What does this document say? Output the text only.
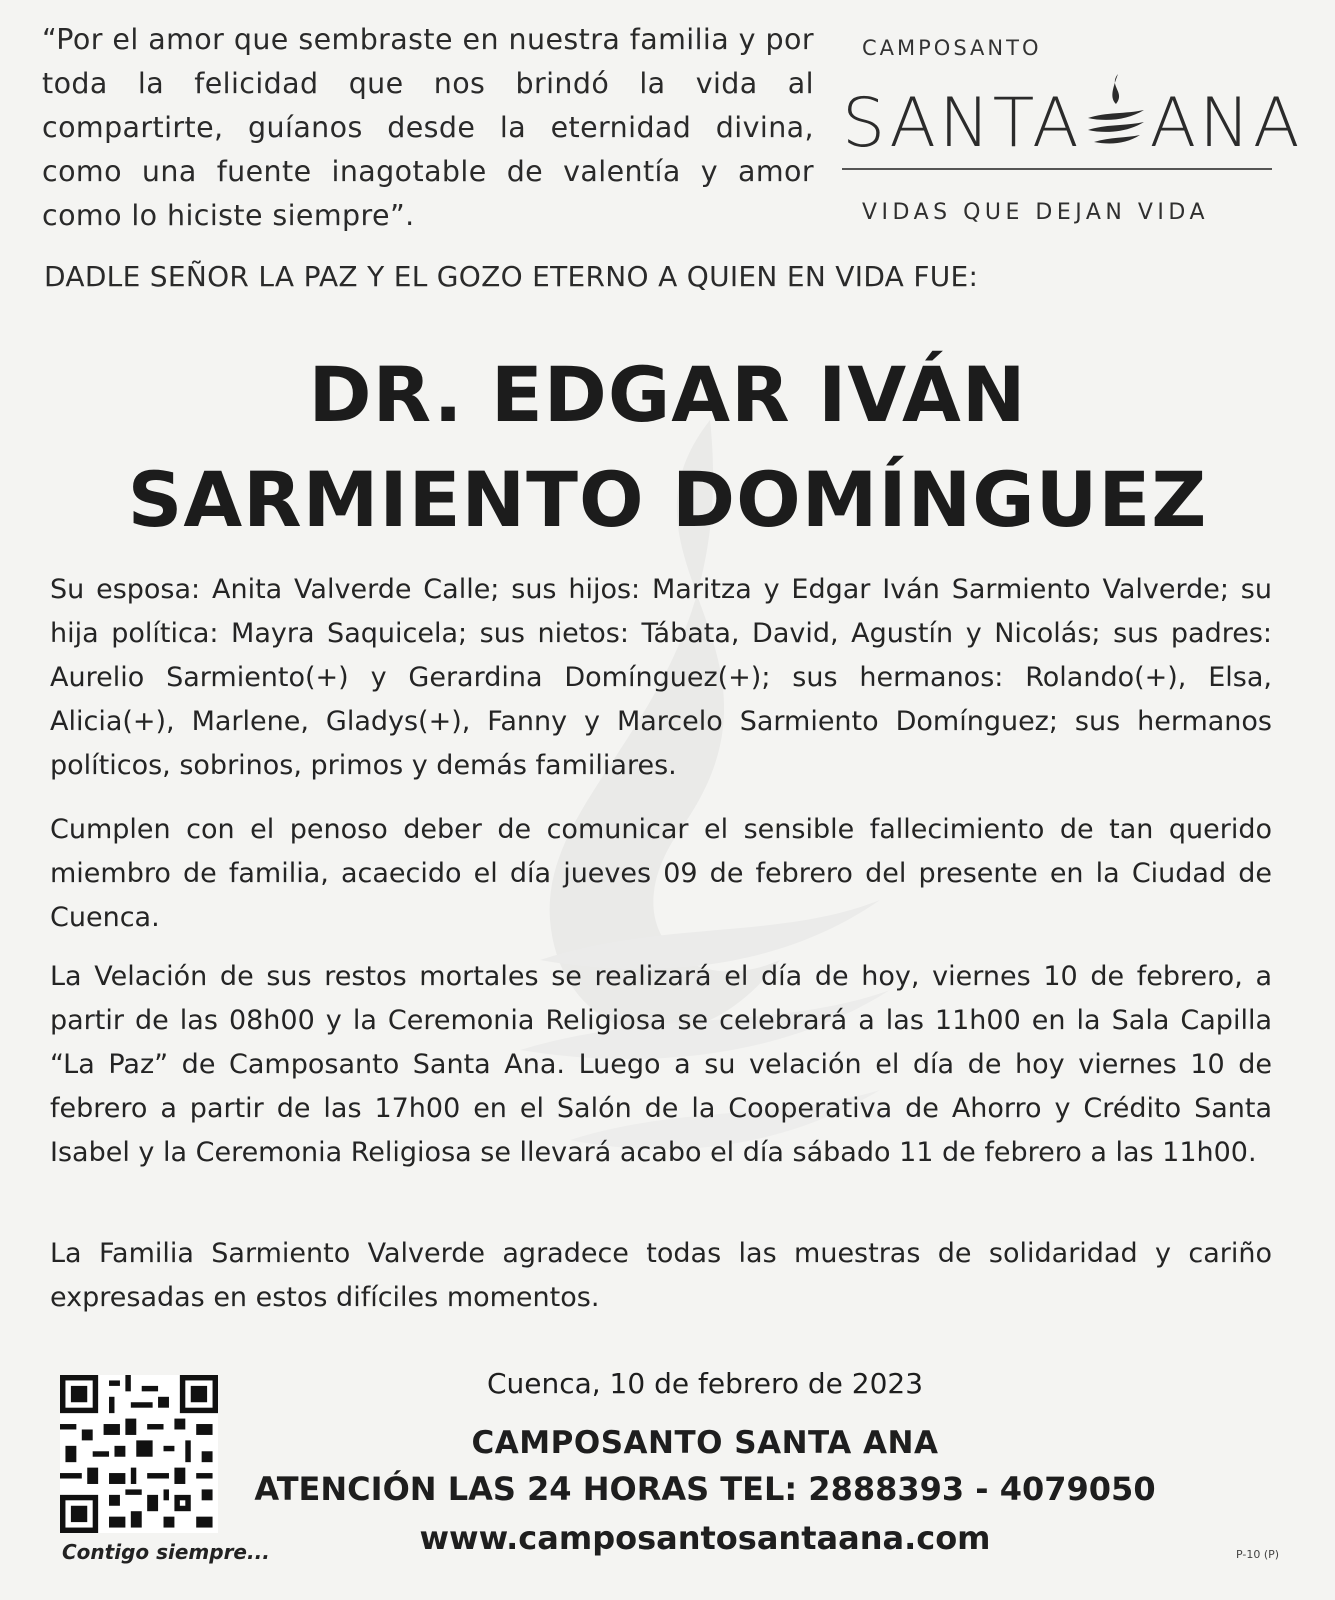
“Por el amor que sembraste en nuestra familia y por toda la felicidad que nos brindó la vida al compartirte, guíanos desde la eternidad divina, como una fuente inagotable de valentía y amor como lo hiciste siempre”.
CAMPOSANTO
SANTA ANA
VIDAS QUE DEJAN VIDA
DADLE SEÑOR LA PAZ Y EL GOZO ETERNO A QUIEN EN VIDA FUE:
DR. EDGAR IVÁN
SARMIENTO DOMÍNGUEZ
Su esposa: Anita Valverde Calle; sus hijos: Maritza y Edgar Iván Sarmiento Valverde; su hija política: Mayra Saquicela; sus nietos: Tábata, David, Agustín y Nicolás; sus padres: Aurelio Sarmiento(+) y Gerardina Domínguez(+); sus hermanos: Rolando(+), Elsa, Alicia(+), Marlene, Gladys(+), Fanny y Marcelo Sarmiento Domínguez; sus hermanos políticos, sobrinos, primos y demás familiares.
Cumplen con el penoso deber de comunicar el sensible fallecimiento de tan querido miembro de familia, acaecido el día jueves 09 de febrero del presente en la Ciudad de Cuenca.
La Velación de sus restos mortales se realizará el día de hoy, viernes 10 de febrero, a partir de las 08h00 y la Ceremonia Religiosa se celebrará a las 11h00 en la Sala Capilla “La Paz” de Camposanto Santa Ana. Luego a su velación el día de hoy viernes 10 de febrero a partir de las 17h00 en el Salón de la Cooperativa de Ahorro y Crédito Santa Isabel y la Ceremonia Religiosa se llevará acabo el día sábado 11 de febrero a las 11h00.
La Familia Sarmiento Valverde agradece todas las muestras de solidaridad y cariño expresadas en estos difíciles momentos.
Contigo siempre...
Cuenca, 10 de febrero de 2023
CAMPOSANTO SANTA ANA
ATENCIÓN LAS 24 HORAS TEL: 2888393 - 4079050
www.camposantosantaana.com	P-10 (P)
